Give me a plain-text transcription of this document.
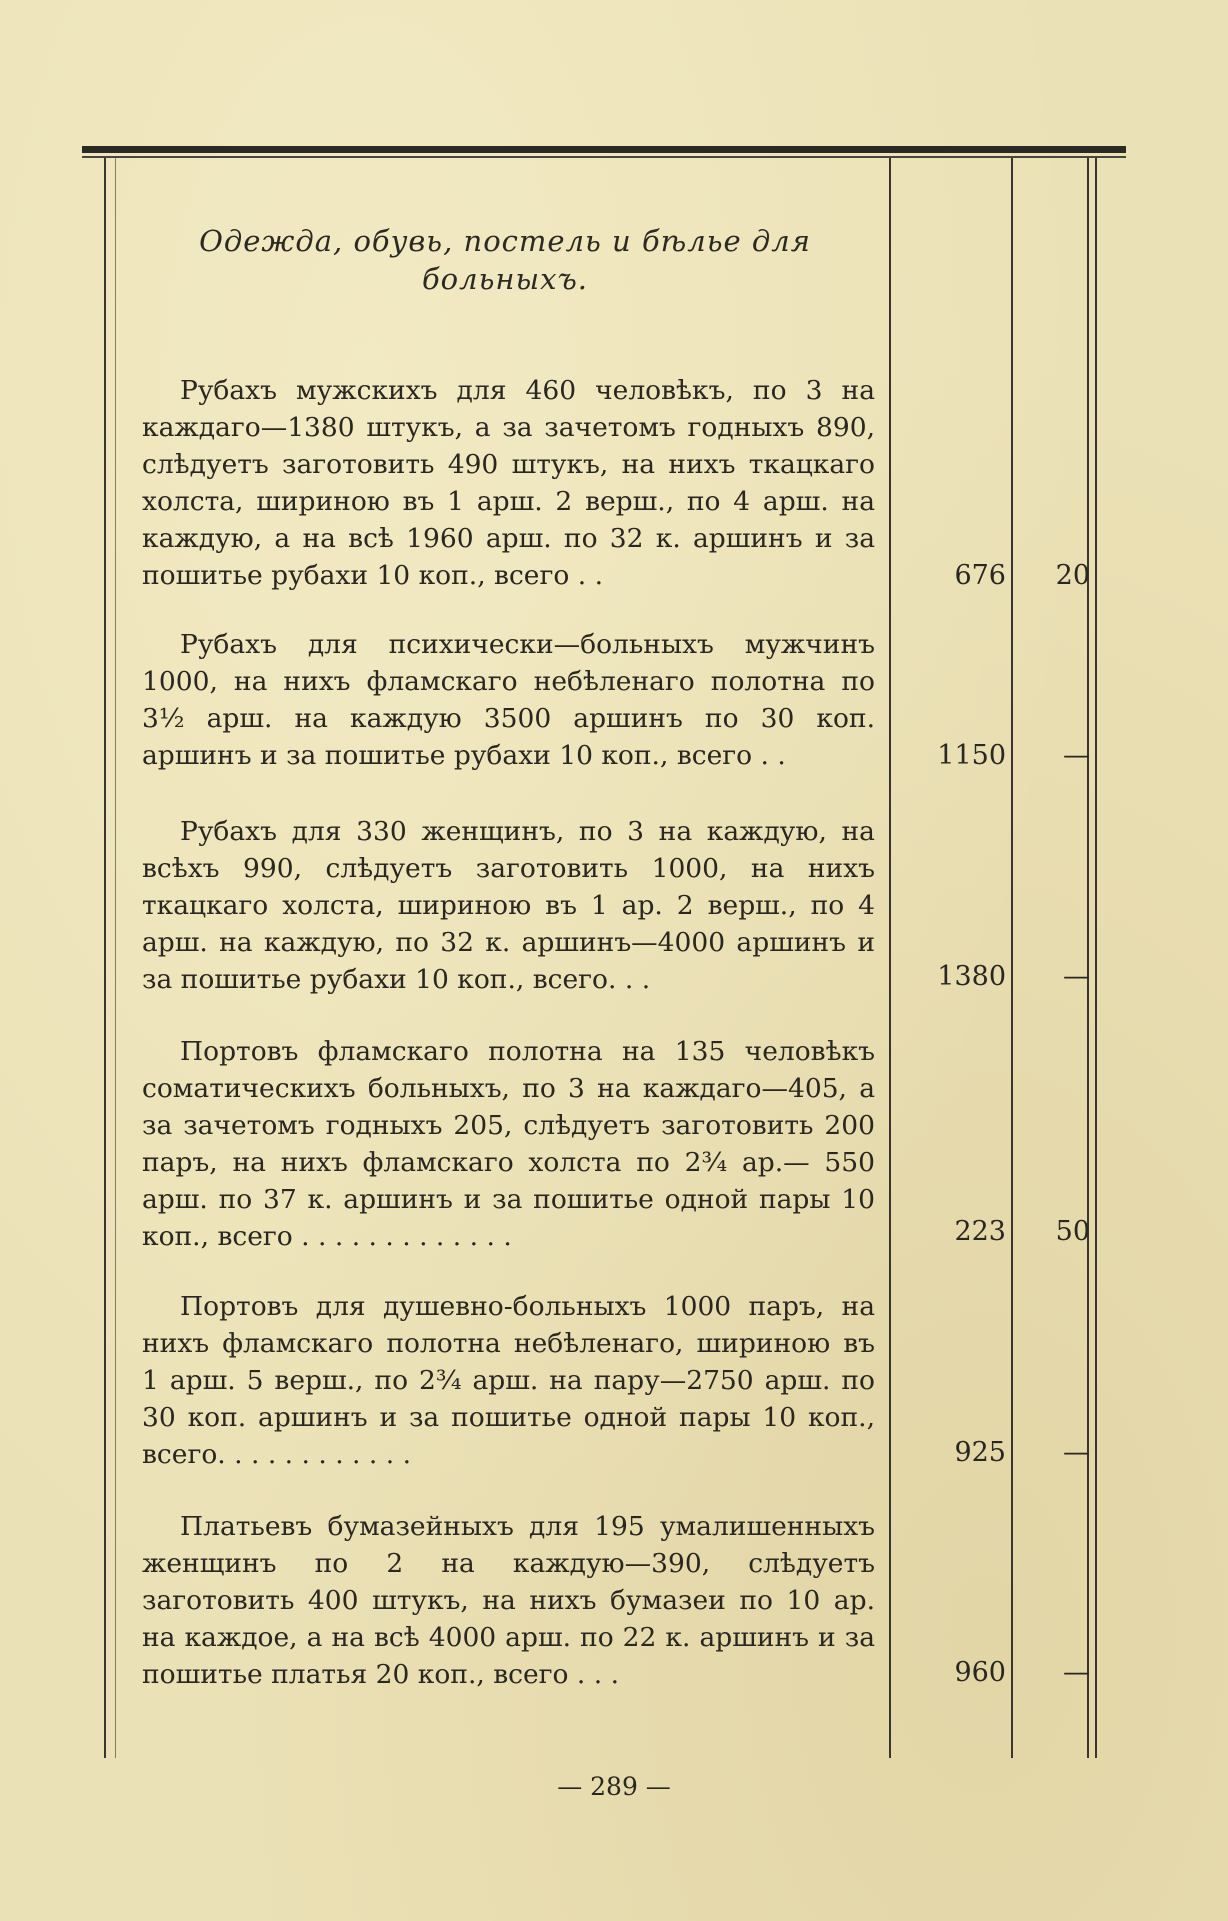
Одежда, обувь, постель и бѣлье для больныхъ.
Рубахъ мужскихъ для 460 человѣкъ, по 3 на каждаго—1380 штукъ, а за зачетомъ годныхъ 890, слѣдуетъ заготовить 490 штукъ, на нихъ ткацкаго холста, шириною въ 1 арш. 2 верш., по 4 арш. на каждую, а на всѣ 1960 арш. по 32 к. аршинъ и за пошитье рубахи 10 коп., всего . .	676	20
Рубахъ для психически—больныхъ мужчинъ 1000, на нихъ фламскаго небѣленаго полотна по 3½ арш. на каждую 3500 аршинъ по 30 коп. аршинъ и за пошитье рубахи 10 коп., всего . .	1150	—
Рубахъ для 330 женщинъ, по 3 на каждую, на всѣхъ 990, слѣдуетъ заготовить 1000, на нихъ ткацкаго холста, шириною въ 1 ар. 2 верш., по 4 арш. на каждую, по 32 к. аршинъ—4000 аршинъ и за пошитье рубахи 10 коп., всего. . .	1380	—
Портовъ фламскаго полотна на 135 человѣкъ соматическихъ больныхъ, по 3 на каждаго—405, а за зачетомъ годныхъ 205, слѣдуетъ заготовить 200 паръ, на нихъ фламскаго холста по 2¾ ар.— 550 арш. по 37 к. аршинъ и за пошитье одной пары 10 коп., всего . . . . . . . . . . . . .	223	50
Портовъ для душевно-больныхъ 1000 паръ, на нихъ фламскаго полотна небѣленаго, шириною въ 1 арш. 5 верш., по 2¾ арш. на пару—2750 арш. по 30 коп. аршинъ и за пошитье одной пары 10 коп., всего. . . . . . . . . . . .	925	—
Платьевъ бумазейныхъ для 195 умалишенныхъ женщинъ по 2 на каждую—390, слѣдуетъ заготовить 400 штукъ, на нихъ бумазеи по 10 ар. на каждое, а на всѣ 4000 арш. по 22 к. аршинъ и за пошитье платья 20 коп., всего . . .	960	—
— 289 —
